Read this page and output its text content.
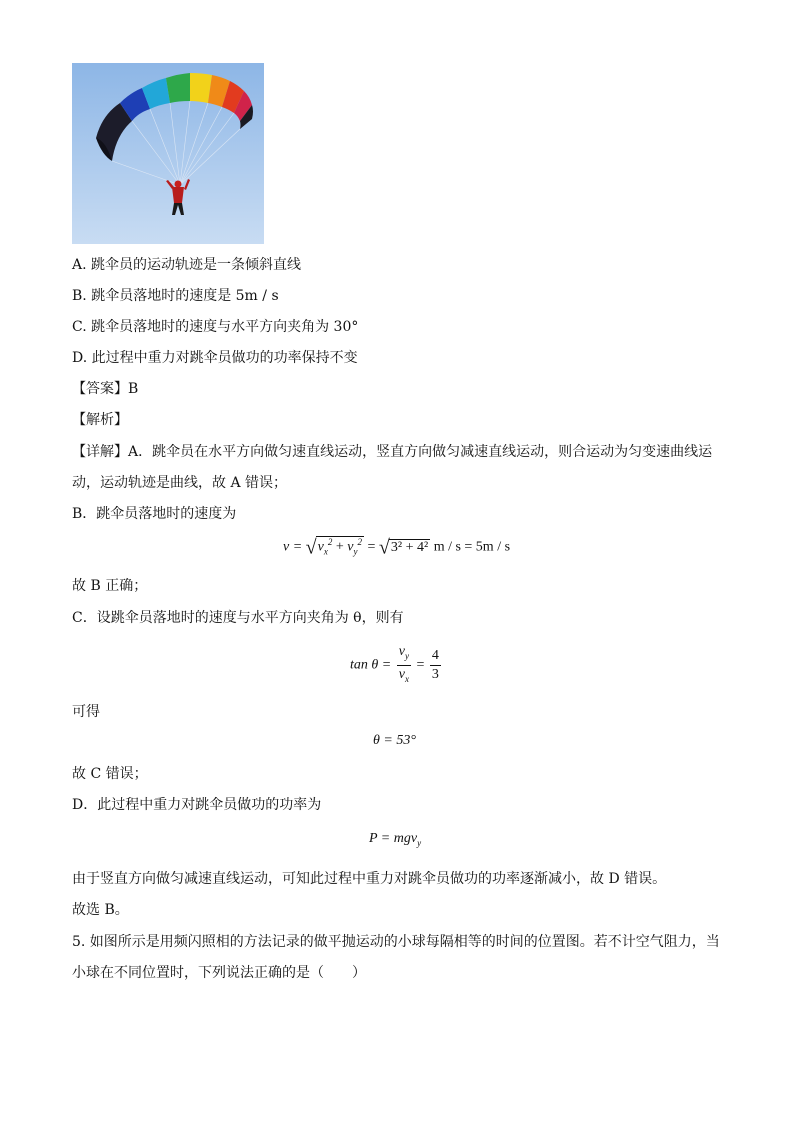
A. 跳伞员的运动轨迹是一条倾斜直线
B. 跳伞员落地时的速度是 5m / s
C. 跳伞员落地时的速度与水平方向夹角为 30°
D. 此过程中重力对跳伞员做功的功率保持不变
【答案】B
【解析】
【详解】A．跳伞员在水平方向做匀速直线运动，竖直方向做匀减速直线运动，则合运动为匀变速曲线运
动，运动轨迹是曲线，故 A 错误；
B．跳伞员落地时的速度为
$v = √v_x^2 + v_y^2 = √3^2 + 4^2$ m / s = 5m / s
故 B 正确；
C．设跳伞员落地时的速度与水平方向夹角为 θ，则有
$\tan \theta = \frac{v_y}{v_x} = \frac{4}{3}$
可得
θ = 53°
故 C 错误；
D．此过程中重力对跳伞员做功的功率为
P = mgv$_y$
由于竖直方向做匀减速直线运动，可知此过程中重力对跳伞员做功的功率逐渐减小，故 D 错误。
故选 B。
5. 如图所示是用频闪照相的方法记录的做平抛运动的小球每隔相等的时间的位置图。若不计空气阻力，当
小球在不同位置时，下列说法正确的是（　　）
